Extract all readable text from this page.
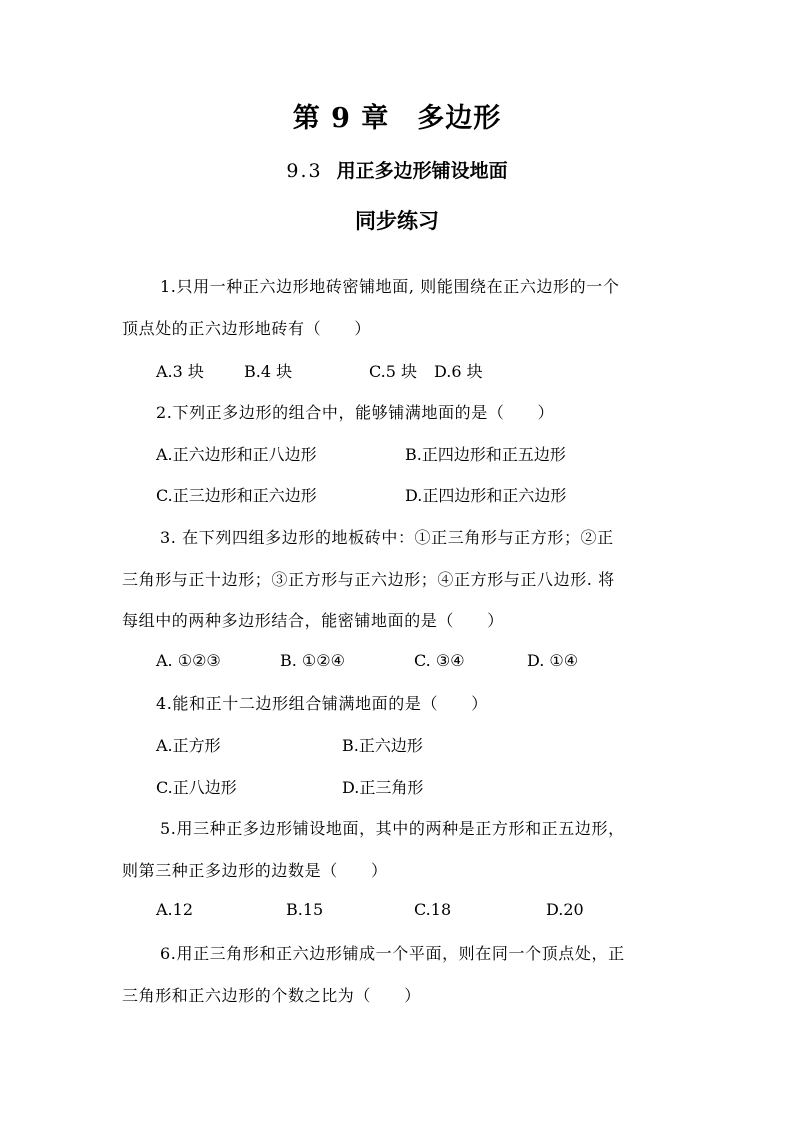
第 9 章　多边形
9.3 用正多边形铺设地面
同步练习
1.只用一种正六边形地砖密铺地面, 则能围绕在正六边形的一个
顶点处的正六边形地砖有（　　）
A.3 块	B.4 块	C.5 块 D.6 块
2.下列正多边形的组合中，能够铺满地面的是（　　）
A.正六边形和正八边形	B.正四边形和正五边形
C.正三边形和正六边形	D.正四边形和正六边形
3. 在下列四组多边形的地板砖中：①正三角形与正方形；②正
三角形与正十边形；③正方形与正六边形；④正方形与正八边形. 将
每组中的两种多边形结合，能密铺地面的是（　　）
A. ①②③	B. ①②④	C. ③④	D. ①④
4.能和正十二边形组合铺满地面的是（　　）
A.正方形	B.正六边形
C.正八边形	D.正三角形
5.用三种正多边形铺设地面，其中的两种是正方形和正五边形，
则第三种正多边形的边数是（　　）
A.12	B.15	C.18	D.20
6.用正三角形和正六边形铺成一个平面，则在同一个顶点处，正
三角形和正六边形的个数之比为（　　）
